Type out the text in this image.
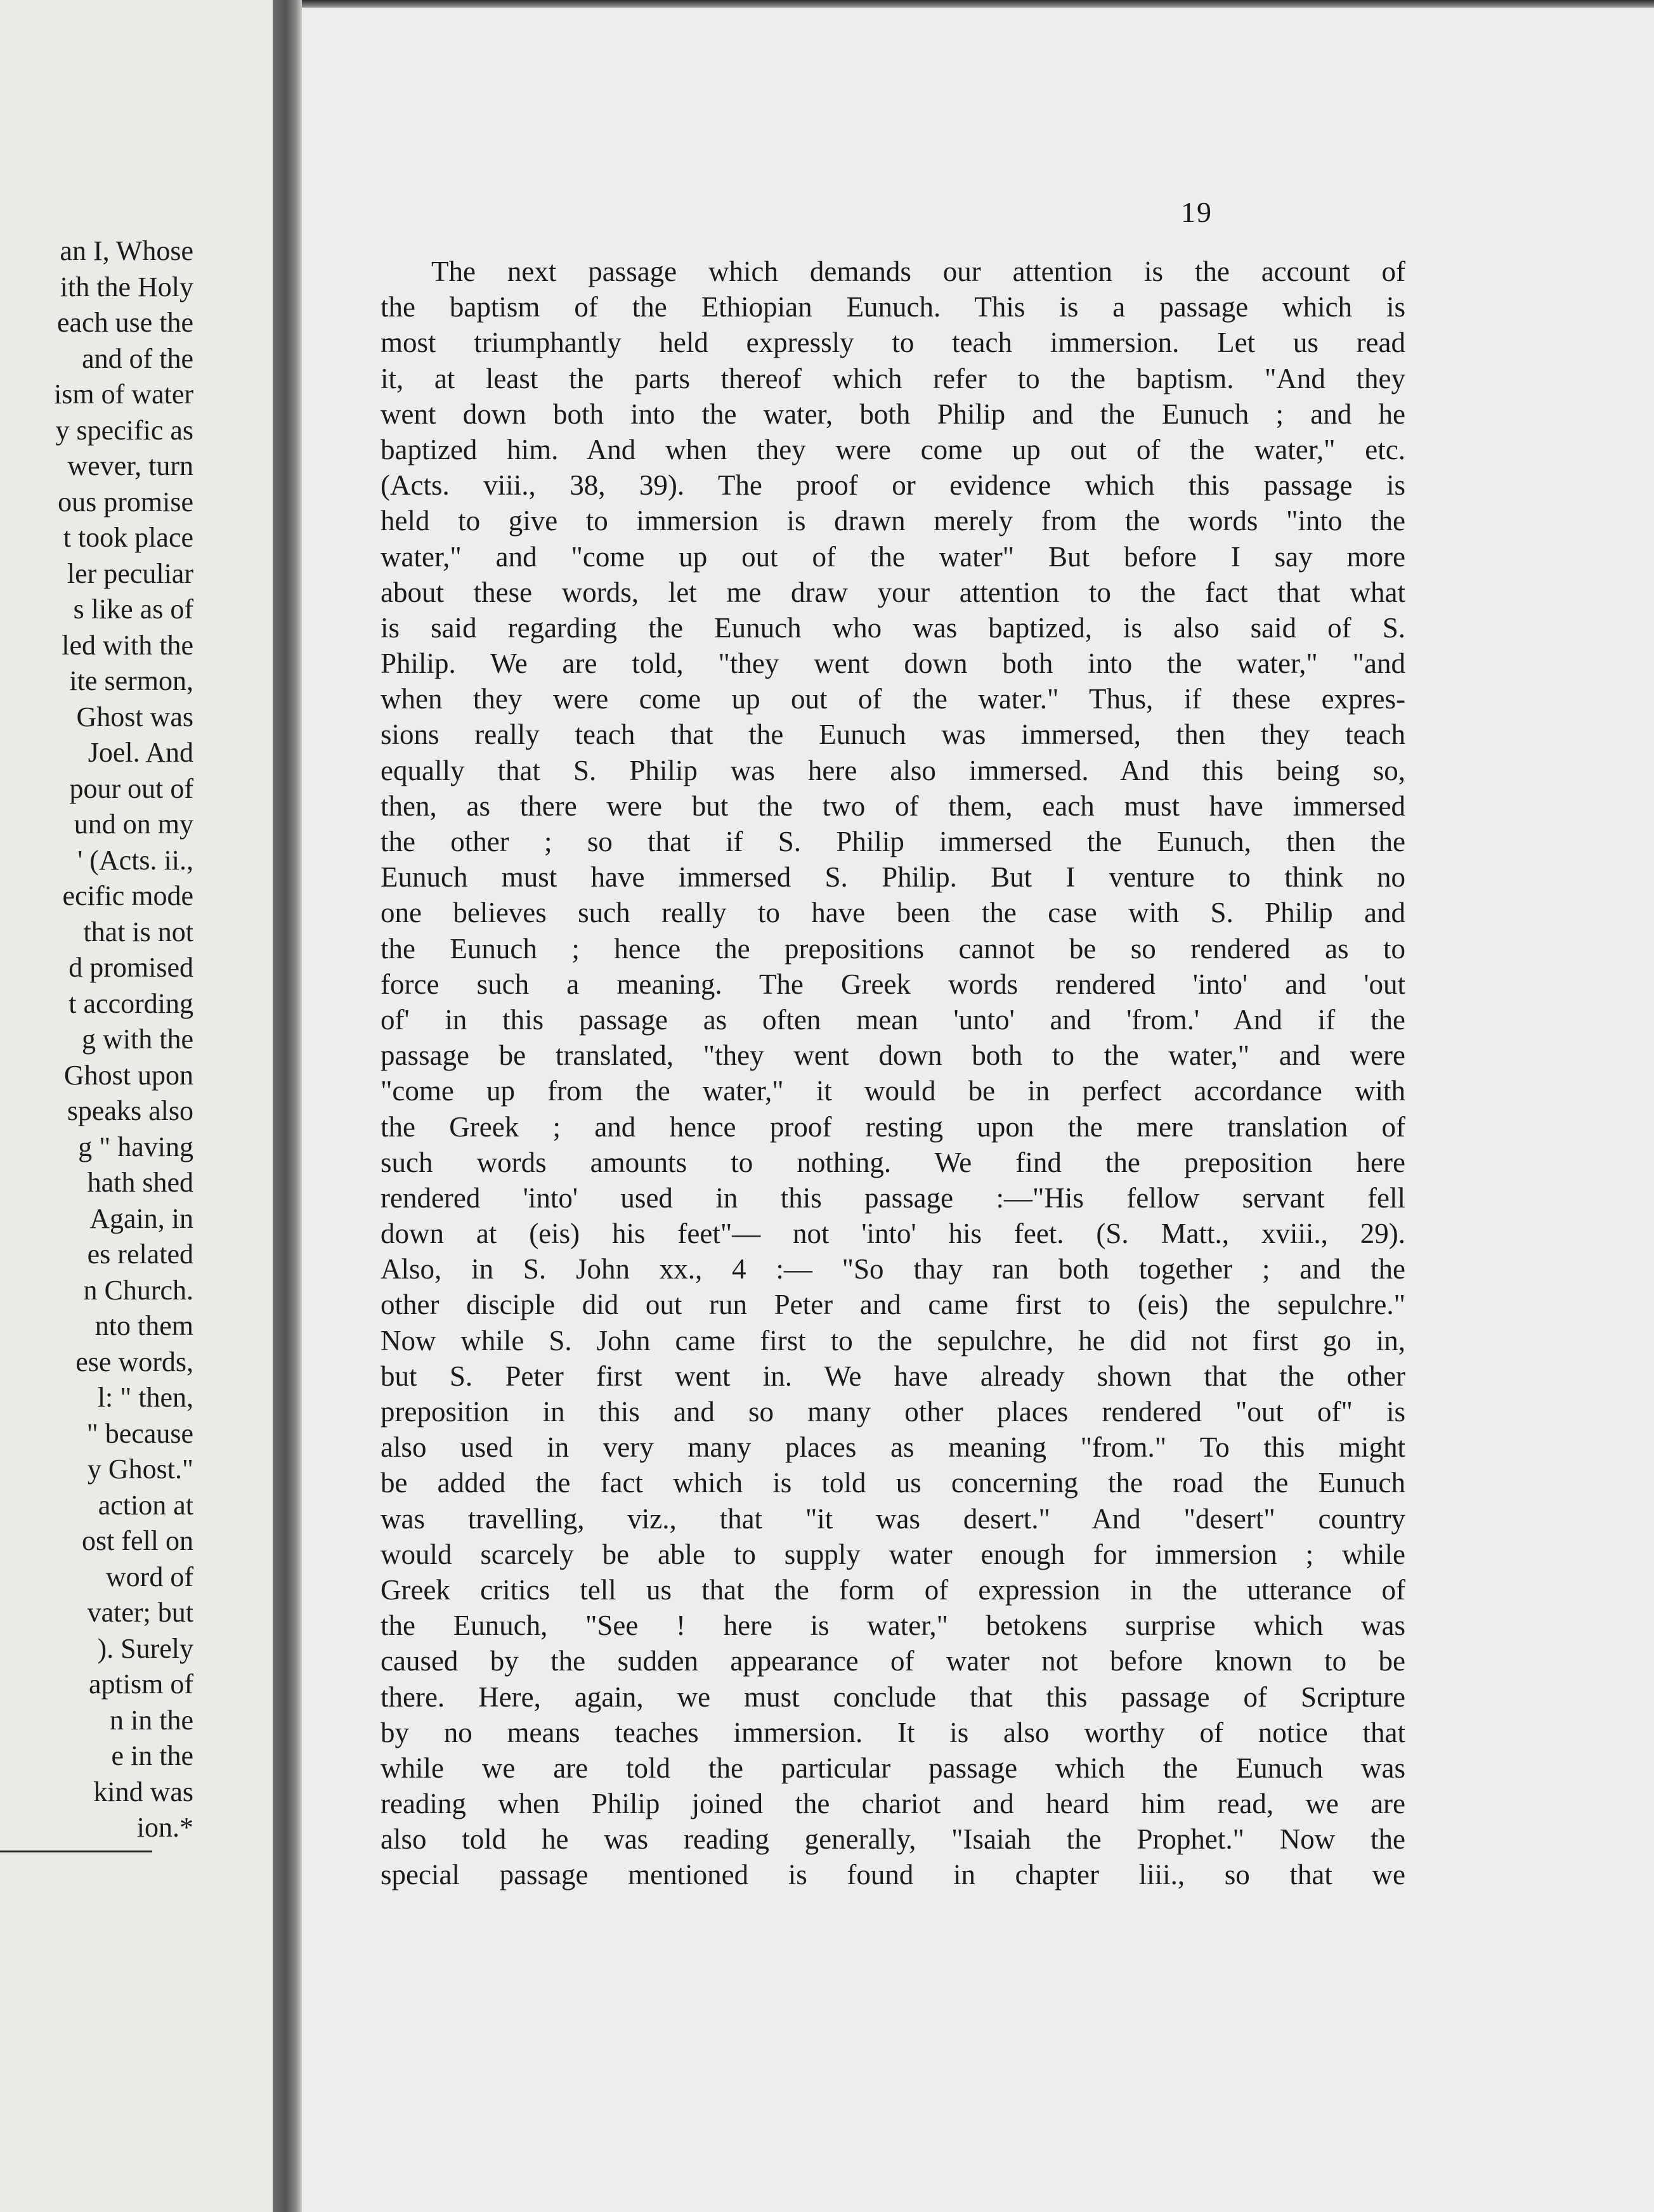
an I, Whose
ith the Holy
each use the
and of the
ism of water
y specific as
wever, turn
ous promise
t took place
ler peculiar
s like as of
led with the
ite sermon,
Ghost was
Joel. And
pour out of
und on my
' (Acts. ii.,
ecific mode
that is not
d promised
t according
g with the
Ghost upon
speaks also
g " having
hath shed
Again, in
es related
n Church.
nto them
ese words,
l: " then,
" because
y Ghost."
action at
ost fell on
word of
vater; but
). Surely
aptism of
n in the
e in the
kind was
ion.*
19
The next passage which demands our attention is the account of
the baptism of the Ethiopian Eunuch. This is a passage which is
most triumphantly held expressly to teach immersion. Let us read
it, at least the parts thereof which refer to the baptism. "And they
went down both into the water, both Philip and the Eunuch ; and he
baptized him. And when they were come up out of the water," etc.
(Acts. viii., 38, 39). The proof or evidence which this passage is
held to give to immersion is drawn merely from the words "into the
water," and "come up out of the water" But before I say more
about these words, let me draw your attention to the fact that what
is said regarding the Eunuch who was baptized, is also said of S.
Philip. We are told, "they went down both into the water," "and
when they were come up out of the water." Thus, if these expres-
sions really teach that the Eunuch was immersed, then they teach
equally that S. Philip was here also immersed. And this being so,
then, as there were but the two of them, each must have immersed
the other ; so that if S. Philip immersed the Eunuch, then the
Eunuch must have immersed S. Philip. But I venture to think no
one believes such really to have been the case with S. Philip and
the Eunuch ; hence the prepositions cannot be so rendered as to
force such a meaning. The Greek words rendered 'into' and 'out
of' in this passage as often mean 'unto' and 'from.' And if the
passage be translated, "they went down both to the water," and were
"come up from the water," it would be in perfect accordance with
the Greek ; and hence proof resting upon the mere translation of
such words amounts to nothing. We find the preposition here
rendered 'into' used in this passage :—"His fellow servant fell
down at (eis) his feet"— not 'into' his feet. (S. Matt., xviii., 29).
Also, in S. John xx., 4 :— "So thay ran both together ; and the
other disciple did out run Peter and came first to (eis) the sepulchre."
Now while S. John came first to the sepulchre, he did not first go in,
but S. Peter first went in. We have already shown that the other
preposition in this and so many other places rendered "out of" is
also used in very many places as meaning "from." To this might
be added the fact which is told us concerning the road the Eunuch
was travelling, viz., that "it was desert." And "desert" country
would scarcely be able to supply water enough for immersion ; while
Greek critics tell us that the form of expression in the utterance of
the Eunuch, "See ! here is water," betokens surprise which was
caused by the sudden appearance of water not before known to be
there. Here, again, we must conclude that this passage of Scripture
by no means teaches immersion. It is also worthy of notice that
while we are told the particular passage which the Eunuch was
reading when Philip joined the chariot and heard him read, we are
also told he was reading generally, "Isaiah the Prophet." Now the
special passage mentioned is found in chapter liii., so that we
